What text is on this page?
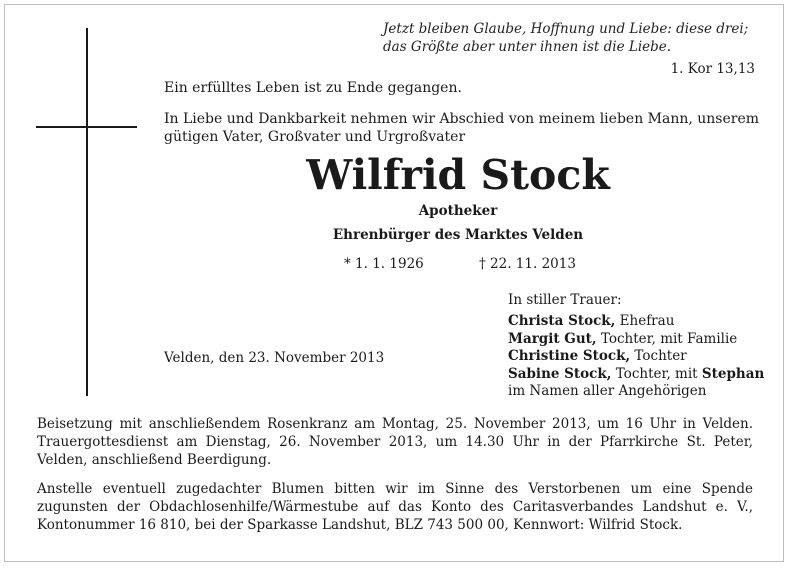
Jetzt bleiben Glaube, Hoffnung und Liebe: diese drei;
das Größte aber unter ihnen ist die Liebe.
1. Kor 13,13
Ein erfülltes Leben ist zu Ende gegangen.
In Liebe und Dankbarkeit nehmen wir Abschied von meinem lieben Mann, unserem
gütigen Vater, Großvater und Urgroßvater
Wilfrid Stock
Apotheker
Ehrenbürger des Marktes Velden
* 1. 1. 1926	† 22. 11. 2013
In stiller Trauer:
Christa Stock, Ehefrau
Margit Gut, Tochter, mit Familie
Christine Stock, Tochter
Sabine Stock, Tochter, mit Stephan
im Namen aller Angehörigen
Velden, den 23. November 2013
Beisetzung mit anschließendem Rosenkranz am Montag, 25. November 2013, um 16 Uhr in Velden. Trauergottesdienst am Dienstag, 26. November 2013, um 14.30 Uhr in der Pfarrkirche St. Peter, Velden, anschließend Beerdigung.
Anstelle eventuell zugedachter Blumen bitten wir im Sinne des Verstorbenen um eine Spende zugunsten der Obdachlosenhilfe/Wärmestube auf das Konto des Caritasverbandes Landshut e. V., Kontonummer 16 810, bei der Sparkasse Landshut, BLZ 743 500 00, Kennwort: Wilfrid Stock.
